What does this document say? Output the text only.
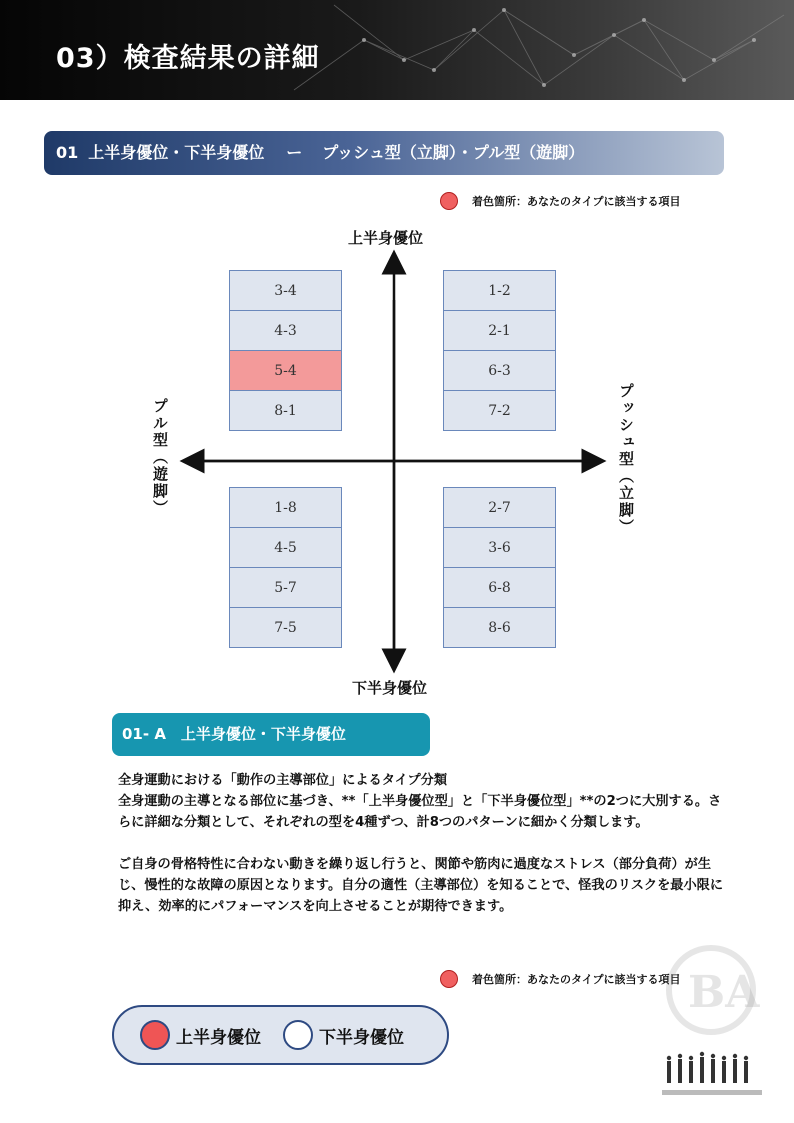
03）検査結果の詳細
01 上半身優位・下半身優位 ー プッシュ型（立脚）・プル型（遊脚）
着色箇所：あなたのタイプに該当する項目
上半身優位
下半身優位
プル型（遊脚）	プッシュ型（立脚）
3-4
4-3
5-4
8-1
1-2
2-1
6-3
7-2
1-8
4-5
5-7
7-5
2-7
3-6
6-8
8-6
01- A　上半身優位・下半身優位

全身運動における「動作の主導部位」によるタイプ分類

全身運動の主導となる部位に基づき、**「上半身優位型」と「下半身優位型」**の2つに大別する。さらに詳細な分類として、それぞれの型を4種ずつ、計8つのパターンに細かく分類します。

ご自身の骨格特性に合わない動きを繰り返し行うと、関節や筋肉に過度なストレス（部分負荷）が生じ、慢性的な故障の原因となります。自分の適性（主導部位）を知ることで、怪我のリスクを最小限に抑え、効率的にパフォーマンスを向上させることが期待できます。

着色箇所：あなたのタイプに該当する項目
上半身優位	下半身優位
BA
